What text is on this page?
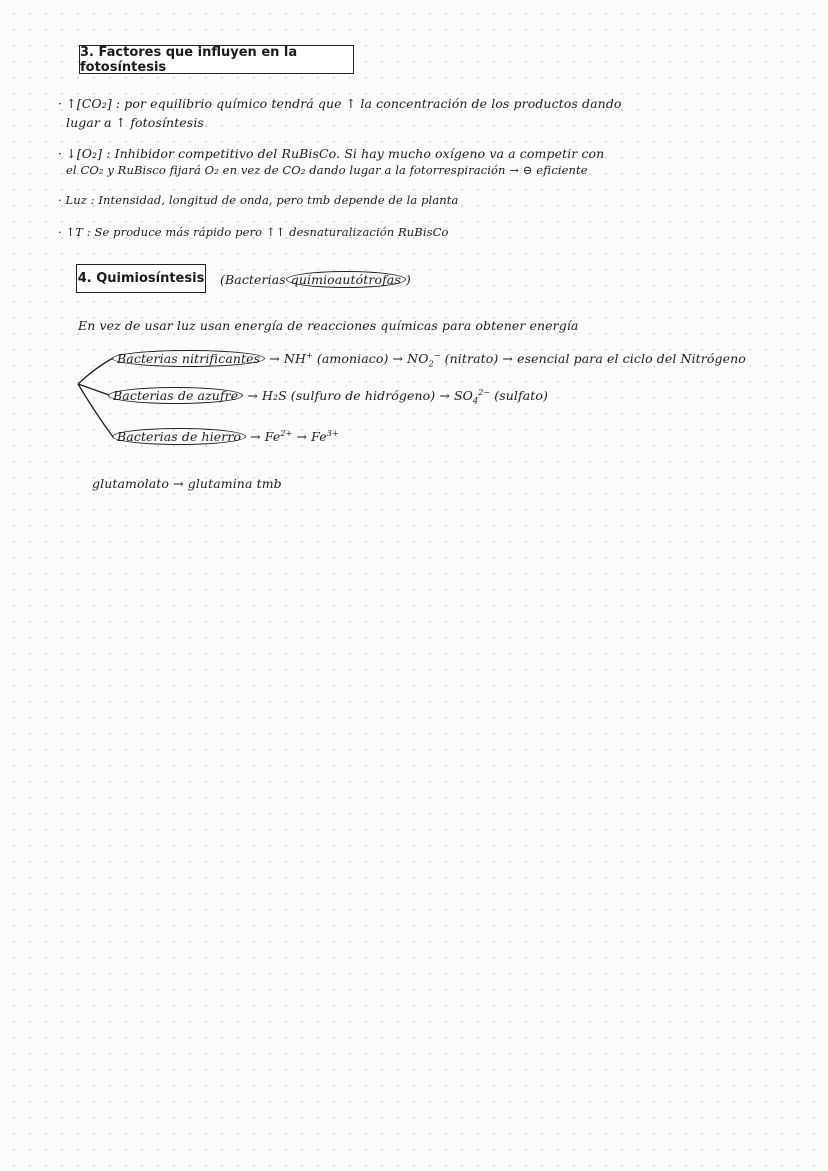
3. Factores que influyen en la fotosíntesis
· ↑[CO₂] : por equilibrio químico tendrá que ↑ la concentración de los productos dando
lugar a ↑ fotosíntesis
· ↓[O₂] : Inhibidor competitivo del RuBisCo. Si hay mucho oxígeno va a competir con
el CO₂ y RuBisco fijará O₂ en vez de CO₂ dando lugar a la fotorrespiración → ⊖ eficiente
· Luz : Intensidad, longitud de onda, pero tmb depende de la planta
· ↑T : Se produce más rápido pero ↑↑ desnaturalización RuBisCo
4. Quimiosíntesis (Bacterias quimioautótrofas )
En vez de usar luz usan energía de reacciones químicas para obtener energía
Bacterias nitrificantes → NH+ (amoniaco) → $NO_2^-$ (nitrato) → esencial para el ciclo del Nitrógeno
Bacterias de azufre → H₂S (sulfuro de hidrógeno) → $SO_4^{2-}$ (sulfato)
Bacterias de hierro → $Fe^{2+} \to Fe^{3+}$
glutamolato → glutamina tmb
